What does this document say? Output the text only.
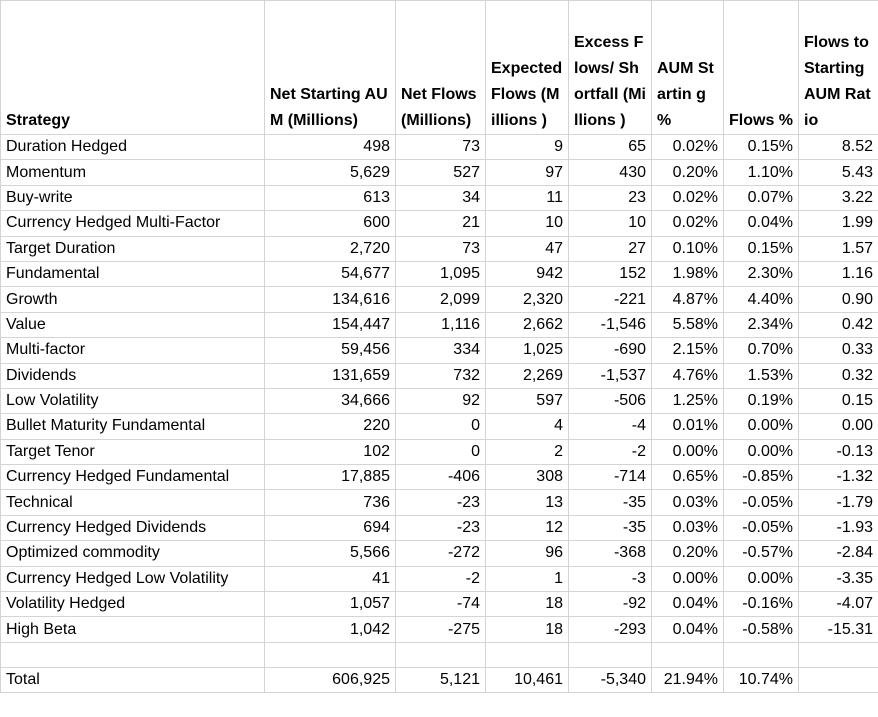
Strategy	Net Starting AUM (Millions)	Net Flows (Millions)	Expected Flows (Millions )	Excess Flows/ Shortfall (Millions )	AUM Startin g %	Flows %	Flows to Starting AUM Ratio
Duration Hedged	498	73	9	65	0.02%	0.15%	8.52
Momentum	5,629	527	97	430	0.20%	1.10%	5.43
Buy-write	613	34	11	23	0.02%	0.07%	3.22
Currency Hedged Multi-Factor	600	21	10	10	0.02%	0.04%	1.99
Target Duration	2,720	73	47	27	0.10%	0.15%	1.57
Fundamental	54,677	1,095	942	152	1.98%	2.30%	1.16
Growth	134,616	2,099	2,320	-221	4.87%	4.40%	0.90
Value	154,447	1,116	2,662	-1,546	5.58%	2.34%	0.42
Multi-factor	59,456	334	1,025	-690	2.15%	0.70%	0.33
Dividends	131,659	732	2,269	-1,537	4.76%	1.53%	0.32
Low Volatility	34,666	92	597	-506	1.25%	0.19%	0.15
Bullet Maturity Fundamental	220	0	4	-4	0.01%	0.00%	0.00
Target Tenor	102	0	2	-2	0.00%	0.00%	-0.13
Currency Hedged Fundamental	17,885	-406	308	-714	0.65%	-0.85%	-1.32
Technical	736	-23	13	-35	0.03%	-0.05%	-1.79
Currency Hedged Dividends	694	-23	12	-35	0.03%	-0.05%	-1.93
Optimized commodity	5,566	-272	96	-368	0.20%	-0.57%	-2.84
Currency Hedged Low Volatility	41	-2	1	-3	0.00%	0.00%	-3.35
Volatility Hedged	1,057	-74	18	-92	0.04%	-0.16%	-4.07
High Beta	1,042	-275	18	-293	0.04%	-0.58%	-15.31

Total	606,925	5,121	10,461	-5,340	21.94%	10.74%	
